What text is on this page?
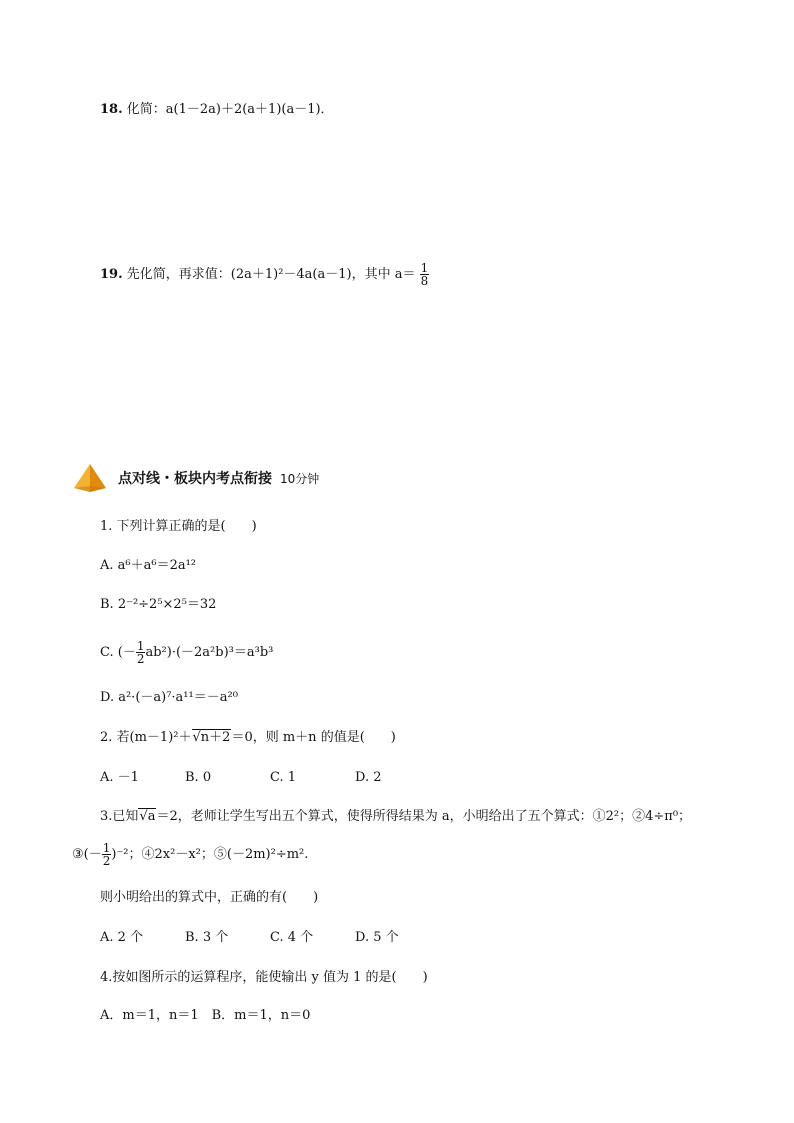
18. 化简：a(1－2a)＋2(a＋1)(a－1)．
19. 先化简，再求值：(2a＋1)²－4a(a－1)，其中 $a= \frac{1}{8}$
点对线・板块内考点衔接 10分钟
1. 下列计算正确的是(　　)
A. a⁶＋a⁶＝2a¹²
B. 2⁻²÷2⁵×2⁵＝32
C. (－ $\frac{1}{2} ab^2)\cdot(-2a^2b)^3=a^3b^3$
D. a²·(－a)⁷·a¹¹＝－a²⁰
2. 若(m－1)²＋√n＋2＝0，则 m＋n 的值是(　　)
A. －1	B. 0	C. 1	D. 2
3.已知√a＝2，老师让学生写出五个算式，使得所得结果为 a，小明给出了五个算式：①2²；②4÷π⁰；
③(－ $\frac{1}{2} )^{-2}$；④2x²－x²；⑤(－2m)²÷m².
则小明给出的算式中，正确的有(　　)
A. 2 个	B. 3 个	C. 4 个	D. 5 个
4.按如图所示的运算程序，能使输出 y 值为 1 的是(　　)
A．m＝1，n＝1　B．m＝1，n＝0
